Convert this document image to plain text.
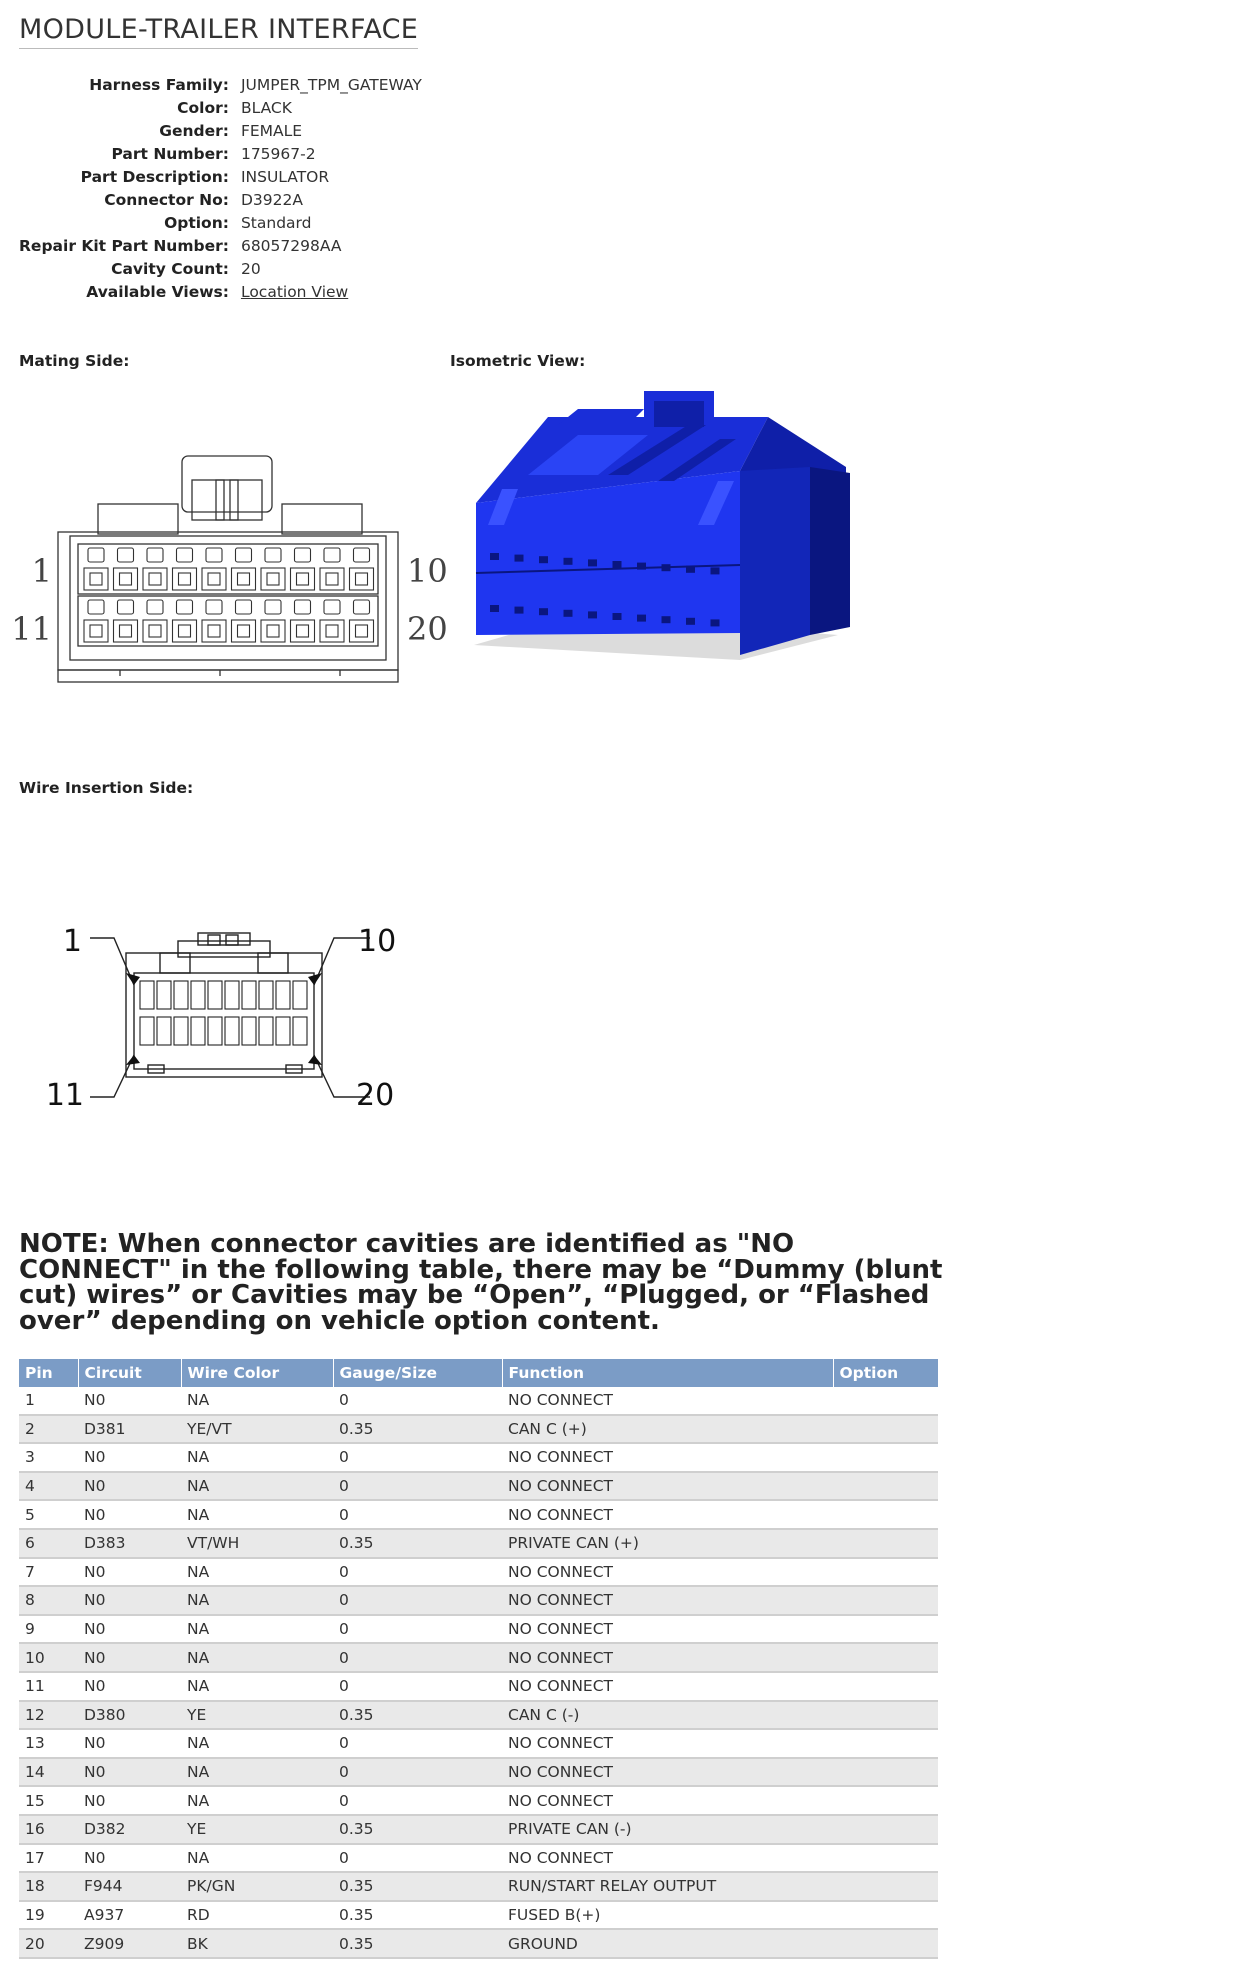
MODULE-TRAILER INTERFACE
Harness Family:	JUMPER_TPM_GATEWAY
Color:	BLACK
Gender:	FEMALE
Part Number:	175967-2
Part Description:	INSULATOR
Connector No:	D3922A
Option:	Standard
Repair Kit Part Number:	68057298AA
Cavity Count:	20
Available Views:	Location View
Mating Side:	Isometric View:
1	10
11	20
Wire Insertion Side:
1	10
11	20
NOTE: When connector cavities are identified as "NO CONNECT" in the following table, there may be “Dummy (blunt cut) wires” or Cavities may be “Open”, “Plugged, or “Flashed over” depending on vehicle option content.
Pin	Circuit	Wire Color	Gauge/Size	Function	Option
1	N0	NA	0	NO CONNECT	
2	D381	YE/VT	0.35	CAN C (+)	
3	N0	NA	0	NO CONNECT	
4	N0	NA	0	NO CONNECT	
5	N0	NA	0	NO CONNECT	
6	D383	VT/WH	0.35	PRIVATE CAN (+)	
7	N0	NA	0	NO CONNECT	
8	N0	NA	0	NO CONNECT	
9	N0	NA	0	NO CONNECT	
10	N0	NA	0	NO CONNECT	
11	N0	NA	0	NO CONNECT	
12	D380	YE	0.35	CAN C (-)	
13	N0	NA	0	NO CONNECT	
14	N0	NA	0	NO CONNECT	
15	N0	NA	0	NO CONNECT	
16	D382	YE	0.35	PRIVATE CAN (-)	
17	N0	NA	0	NO CONNECT	
18	F944	PK/GN	0.35	RUN/START RELAY OUTPUT	
19	A937	RD	0.35	FUSED B(+)	
20	Z909	BK	0.35	GROUND	
